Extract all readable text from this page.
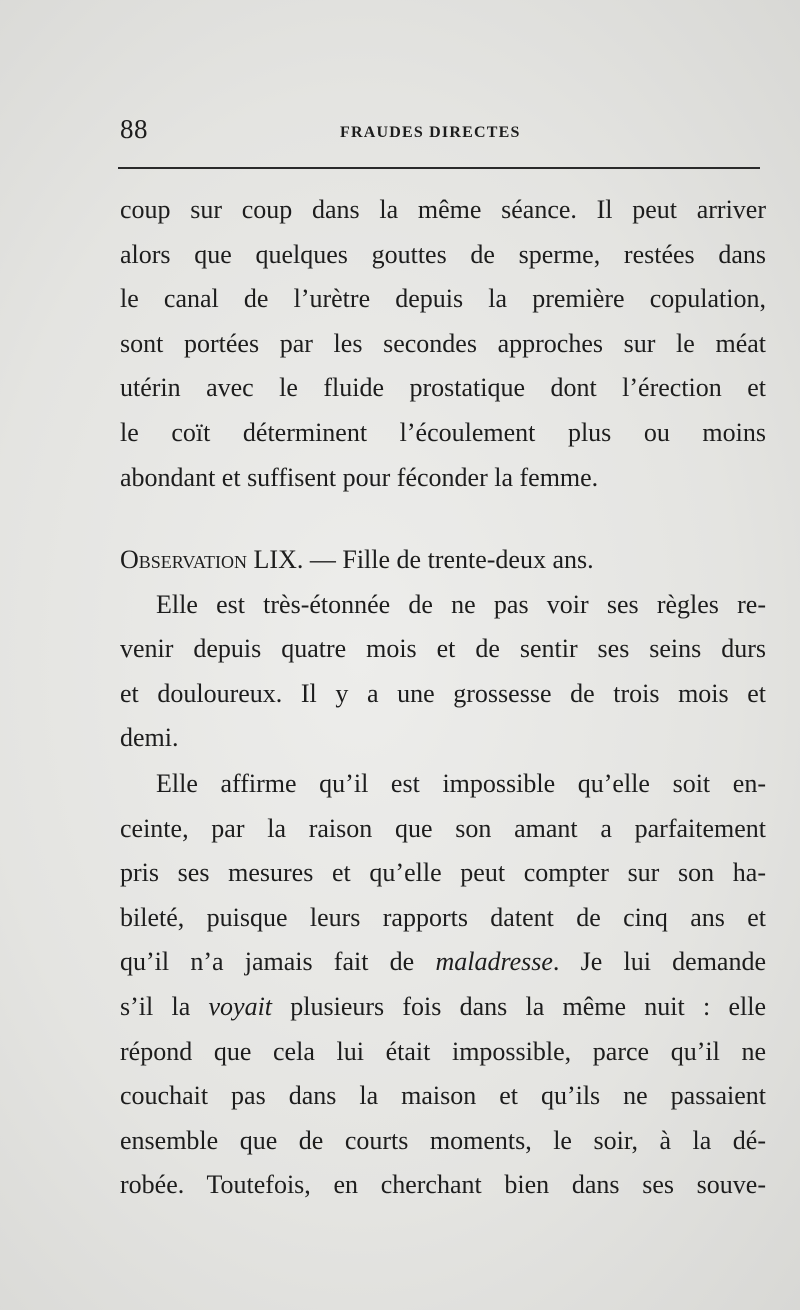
88	FRAUDES DIRECTES
coup sur coup dans la même séance. Il peut arriver
alors que quelques gouttes de sperme, restées dans
le canal de l’urètre depuis la première copulation,
sont portées par les secondes approches sur le méat
utérin avec le fluide prostatique dont l’érection et
le coït déterminent l’écoulement plus ou moins
abondant et suffisent pour féconder la femme.
Observation LIX. — Fille de trente-deux ans.
Elle est très-étonnée de ne pas voir ses règles re-
venir depuis quatre mois et de sentir ses seins durs
et douloureux. Il y a une grossesse de trois mois et
demi.
Elle affirme qu’il est impossible qu’elle soit en-
ceinte, par la raison que son amant a parfaitement
pris ses mesures et qu’elle peut compter sur son ha-
bileté, puisque leurs rapports datent de cinq ans et
qu’il n’a jamais fait de maladresse. Je lui demande
s’il la voyait plusieurs fois dans la même nuit : elle
répond que cela lui était impossible, parce qu’il ne
couchait pas dans la maison et qu’ils ne passaient
ensemble que de courts moments, le soir, à la dé-
robée. Toutefois, en cherchant bien dans ses souve-
